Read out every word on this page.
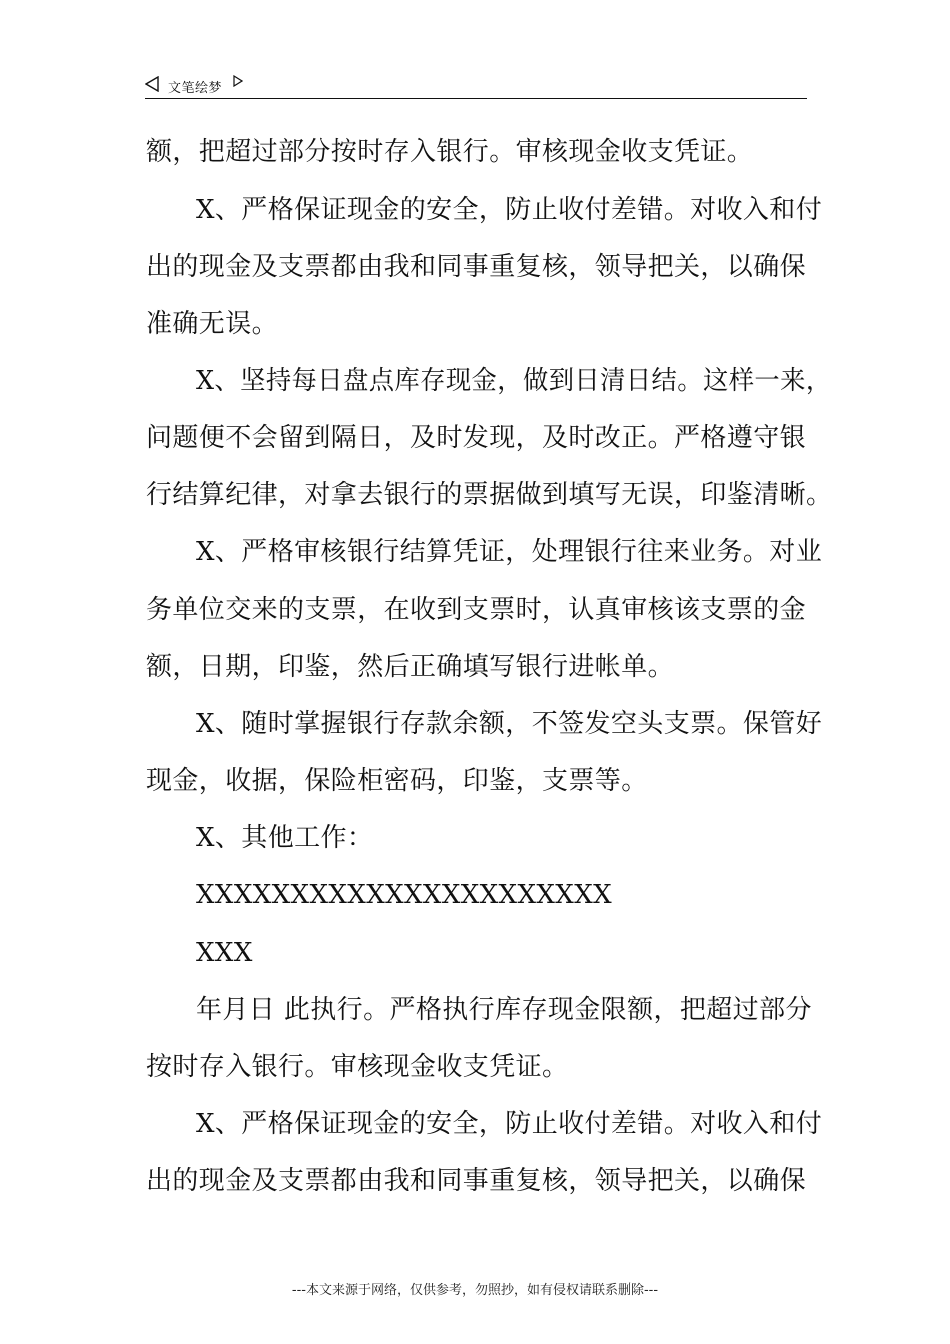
文笔绘梦
额，把超过部分按时存入银行。审核现金收支凭证。
X、严格保证现金的安全，防止收付差错。对收入和付
出的现金及支票都由我和同事重复核，领导把关，以确保
准确无误。
X、坚持每日盘点库存现金，做到日清日结。这样一来，
问题便不会留到隔日，及时发现，及时改正。严格遵守银
行结算纪律，对拿去银行的票据做到填写无误，印鉴清晰。
X、严格审核银行结算凭证，处理银行往来业务。对业
务单位交来的支票，在收到支票时，认真审核该支票的金
额，日期，印鉴，然后正确填写银行进帐单。
X、随时掌握银行存款余额，不签发空头支票。保管好
现金，收据，保险柜密码，印鉴，支票等。
X、其他工作：
XXXXXXXXXXXXXXXXXXXXXX
XXX
年月日 此执行。严格执行库存现金限额，把超过部分
按时存入银行。审核现金收支凭证。
X、严格保证现金的安全，防止收付差错。对收入和付
出的现金及支票都由我和同事重复核，领导把关，以确保
---本文来源于网络，仅供参考，勿照抄，如有侵权请联系删除---
